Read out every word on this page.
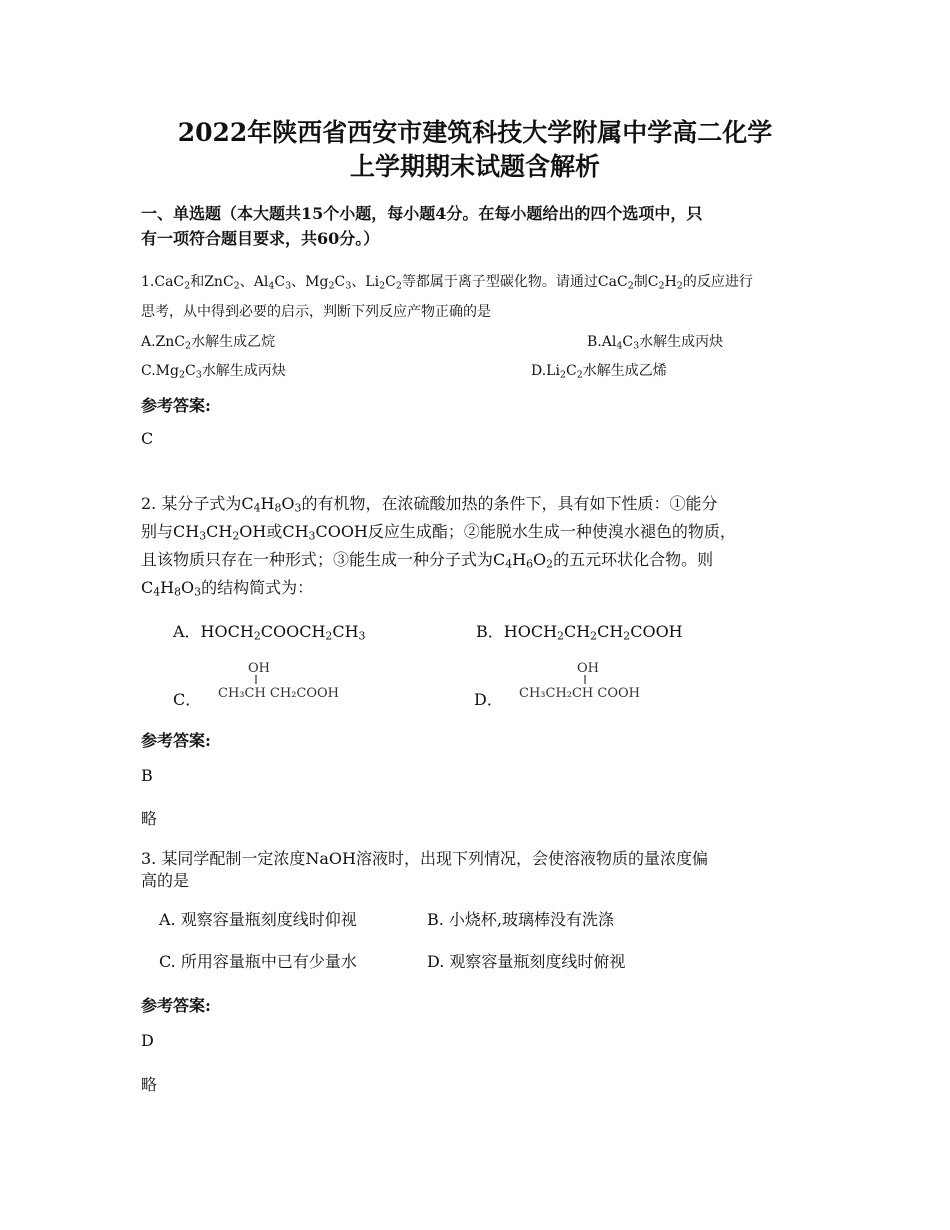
2022年陕西省西安市建筑科技大学附属中学高二化学
上学期期末试题含解析
一、单选题（本大题共15个小题，每小题4分。在每小题给出的四个选项中，只
有一项符合题目要求，共60分。）
1.CaC$_2$和ZnC$_2$、$Al_4C_3$、$Mg_2C_3$、$Li_2C_2$等都属于离子型碳化物。请通过CaC$_2$制$C_2H_2$的反应进行
思考，从中得到必要的启示，判断下列反应产物正确的是
A.ZnC$_2$水解生成乙烷	$B.Al_4C_3$水解生成丙炔
$C.Mg_2C_3$水解生成丙炔	$D.Li_2C_2$水解生成乙烯
参考答案:
C
2. 某分子式为$C_4H_8O_3$的有机物，在浓硫酸加热的条件下，具有如下性质：①能分
别与$CH_3CH_2OH$或$CH_3COOH$反应生成酯；②能脱水生成一种使溴水褪色的物质，
且该物质只存在一种形式；③能生成一种分子式为$C_4H_6O_2$的五元环状化合物。则
$C_4H_8O_3$的结构简式为：
A．$HOCH_2COOCH_2CH_3$	B．$HOCH_2CH_2CH_2COOH$
C．
OH
CH₃CH CH₂COOH	D．
OH
CH₃CH₂CH COOH
参考答案:
B
略
3. 某同学配制一定浓度NaOH溶液时，出现下列情况，会使溶液物质的量浓度偏
高的是
A. 观察容量瓶刻度线时仰视	B. 小烧杯,玻璃棒没有洗涤
C. 所用容量瓶中已有少量水	D. 观察容量瓶刻度线时俯视
参考答案:
D
略
